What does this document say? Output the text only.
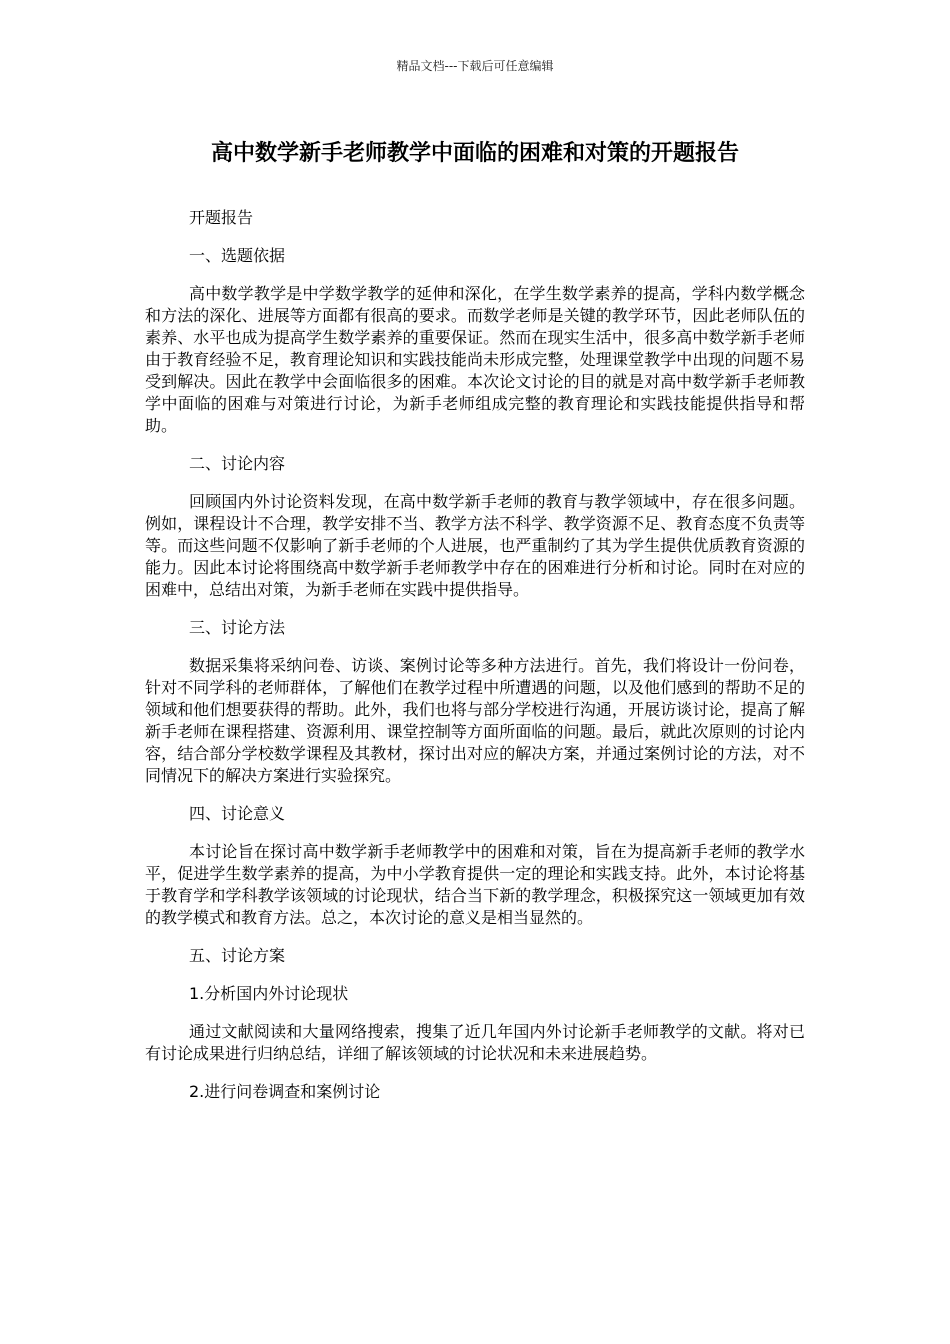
精品文档---下载后可任意编辑
高中数学新手老师教学中面临的困难和对策的开题报告
开题报告
一、选题依据
高中数学教学是中学数学教学的延伸和深化，在学生数学素养的提高，学科内数学概念和方法的深化、进展等方面都有很高的要求。而数学老师是关键的教学环节，因此老师队伍的素养、水平也成为提高学生数学素养的重要保证。然而在现实生活中，很多高中数学新手老师由于教育经验不足，教育理论知识和实践技能尚未形成完整，处理课堂教学中出现的问题不易受到解决。因此在教学中会面临很多的困难。本次论文讨论的目的就是对高中数学新手老师教学中面临的困难与对策进行讨论，为新手老师组成完整的教育理论和实践技能提供指导和帮助。
二、讨论内容
回顾国内外讨论资料发现，在高中数学新手老师的教育与教学领域中，存在很多问题。例如，课程设计不合理，教学安排不当、教学方法不科学、教学资源不足、教育态度不负责等等。而这些问题不仅影响了新手老师的个人进展，也严重制约了其为学生提供优质教育资源的能力。因此本讨论将围绕高中数学新手老师教学中存在的困难进行分析和讨论。同时在对应的困难中，总结出对策，为新手老师在实践中提供指导。
三、讨论方法
数据采集将采纳问卷、访谈、案例讨论等多种方法进行。首先，我们将设计一份问卷，针对不同学科的老师群体，了解他们在教学过程中所遭遇的问题，以及他们感到的帮助不足的领域和他们想要获得的帮助。此外，我们也将与部分学校进行沟通，开展访谈讨论，提高了解新手老师在课程搭建、资源利用、课堂控制等方面所面临的问题。最后，就此次原则的讨论内容，结合部分学校数学课程及其教材，探讨出对应的解决方案，并通过案例讨论的方法，对不同情况下的解决方案进行实验探究。
四、讨论意义
本讨论旨在探讨高中数学新手老师教学中的困难和对策，旨在为提高新手老师的教学水平，促进学生数学素养的提高，为中小学教育提供一定的理论和实践支持。此外，本讨论将基于教育学和学科教学该领域的讨论现状，结合当下新的教学理念，积极探究这一领域更加有效的教学模式和教育方法。总之，本次讨论的意义是相当显然的。
五、讨论方案
1.分析国内外讨论现状
通过文献阅读和大量网络搜索，搜集了近几年国内外讨论新手老师教学的文献。将对已有讨论成果进行归纳总结，详细了解该领域的讨论状况和未来进展趋势。
2.进行问卷调查和案例讨论
